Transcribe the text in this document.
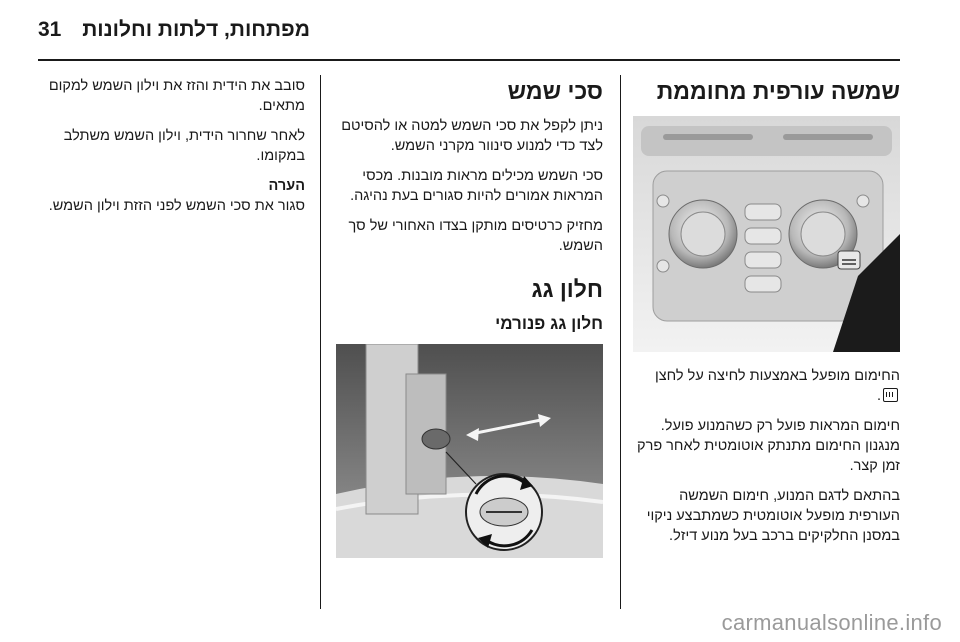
מפתחות, דלתות וחלונות
31
שמשה עורפית מחוממת

החימום מופעל באמצעות לחיצה על לחצן .

חימום המראות פועל רק כשהמנוע פועל. מנגנון החימום מתנתק אוטומטית לאחר פרק זמן קצר.

בהתאם לדגם המנוע, חימום השמשה העורפית מופעל אוטומטית כשמתבצע ניקוי במסנן החלקיקים ברכב בעל מנוע דיזל.

סכי שמש

ניתן לקפל את סכי השמש למטה או להסיטם לצד כדי למנוע סינוור מקרני השמש.

סכי השמש מכילים מראות מובנות. מכסי המראות אמורים להיות סגורים בעת נהיגה.

מחזיק כרטיסים מותקן בצדו האחורי של סך השמש.

חלון גג
חלון גג פנורמי

סובב את הידית והזז את וילון השמש למקום מתאים.

לאחר שחרור הידית, וילון השמש משתלב במקומו.

הערה

סגור את סכי השמש לפני הזזת וילון השמש.

carmanualsonline.info
